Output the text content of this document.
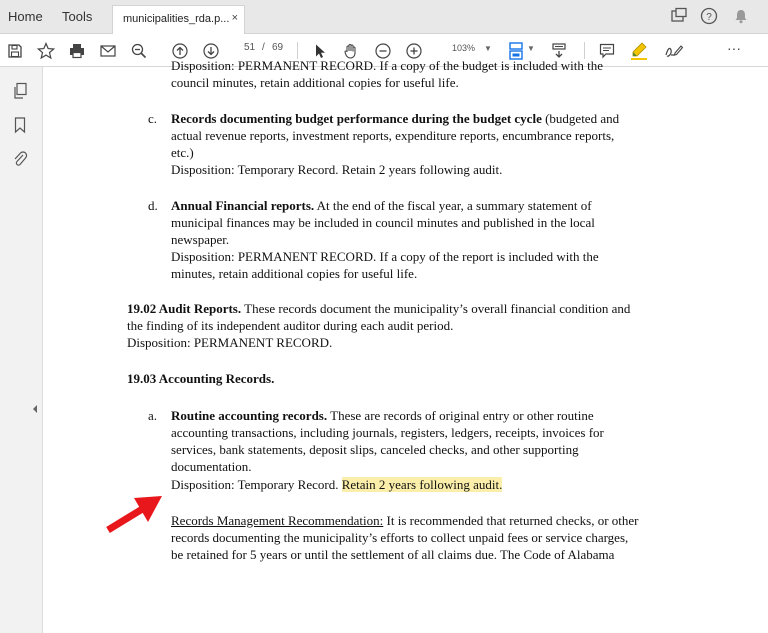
Home Tools	municipalities_rda.p... ×	?
51 / 69	103% ▼	▼	···
Disposition: PERMANENT RECORD. If a copy of the budget is included with the
council minutes, retain additional copies for useful life.
c. Records documenting budget performance during the budget cycle (budgeted and
actual revenue reports, investment reports, expenditure reports, encumbrance reports,
etc.)
Disposition: Temporary Record. Retain 2 years following audit.
d. Annual Financial reports. At the end of the fiscal year, a summary statement of
municipal finances may be included in council minutes and published in the local
newspaper.
Disposition: PERMANENT RECORD. If a copy of the report is included with the
minutes, retain additional copies for useful life.
19.02 Audit Reports. These records document the municipality’s overall financial condition and
the finding of its independent auditor during each audit period.
Disposition: PERMANENT RECORD.
19.03 Accounting Records.
a. Routine accounting records. These are records of original entry or other routine
accounting transactions, including journals, registers, ledgers, receipts, invoices for
services, bank statements, deposit slips, canceled checks, and other supporting
documentation.
Disposition: Temporary Record. Retain 2 years following audit.
Records Management Recommendation: It is recommended that returned checks, or other
records documenting the municipality’s efforts to collect unpaid fees or service charges,
be retained for 5 years or until the settlement of all claims due. The Code of Alabama
